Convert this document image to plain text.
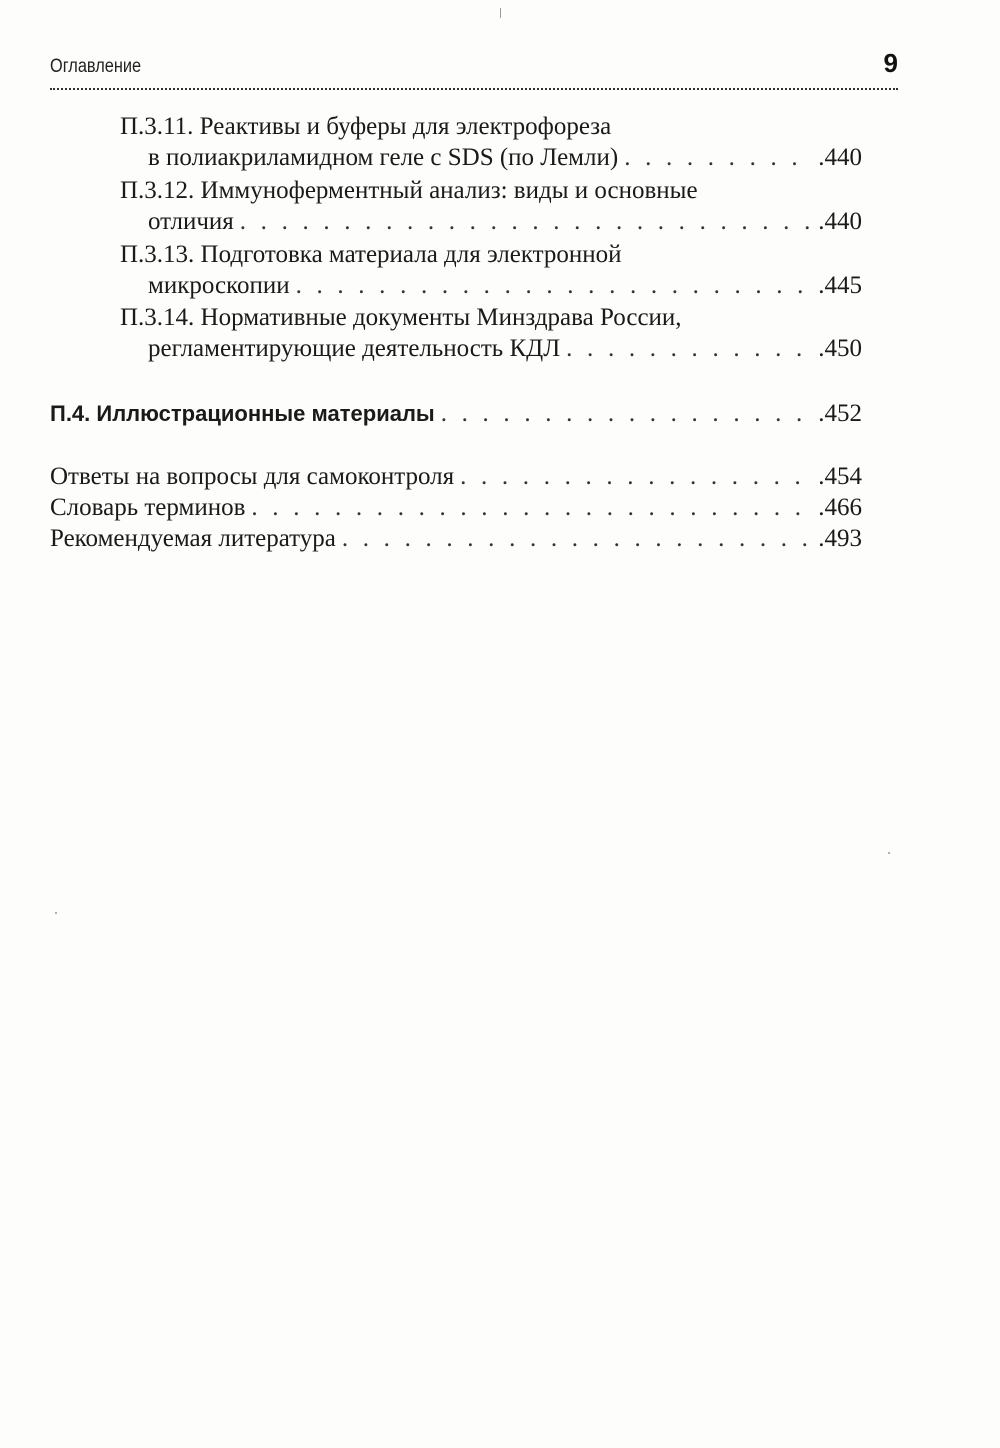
Оглавление	9
П.3.11. Реактивы и буферы для электрофореза
в полиакриламидном геле с SDS (по Лемли) . . .	.440
П.3.12. Иммуноферментный анализ: виды и основные
отличия . . .	.440
П.3.13. Подготовка материала для электронной
микроскопии . . .	.445
П.3.14. Нормативные документы Минздрава России,
регламентирующие деятельность КДЛ . . .	.450
П.4. Иллюстрационные материалы . . .	.452
Ответы на вопросы для самоконтроля . . .	.454
Словарь терминов . . .	.466
Рекомендуемая литература . . .	.493
